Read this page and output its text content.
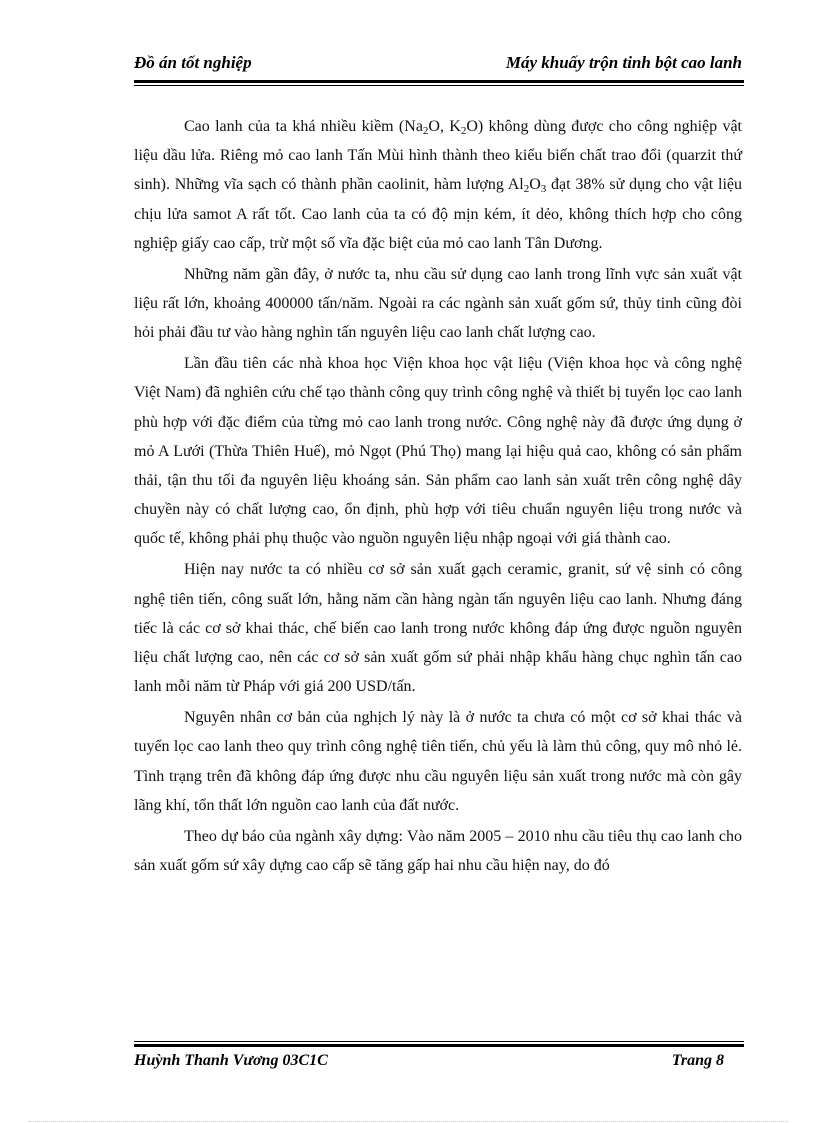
Đồ án tốt nghiệp	Máy khuấy trộn tinh bột cao lanh

Cao lanh của ta khá nhiều kiềm ($Na_2O$, $K_2O$) không dùng được cho công nghiệp vật liệu dầu lửa. Riêng mỏ cao lanh Tấn Mùi hình thành theo kiểu biến chất trao đổi (quarzit thứ sinh). Những vĩa sạch có thành phần caolinit, hàm lượng $Al_2O_3$ đạt 38% sử dụng cho vật liệu chịu lửa samot A rất tốt. Cao lanh của ta có độ mịn kém, ít dẻo, không thích hợp cho công nghiệp giấy cao cấp, trừ một số vĩa đặc biệt của mỏ cao lanh Tân Dương.

Những năm gần đây, ở nước ta, nhu cầu sử dụng cao lanh trong lĩnh vực sản xuất vật liệu rất lớn, khoảng 400000 tấn/năm. Ngoài ra các ngành sản xuất gốm sứ, thủy tinh cũng đòi hỏi phải đầu tư vào hàng nghìn tấn nguyên liệu cao lanh chất lượng cao.

Lần đầu tiên các nhà khoa học Viện khoa học vật liệu (Viện khoa học và công nghệ Việt Nam) đã nghiên cứu chế tạo thành công quy trình công nghệ và thiết bị tuyển lọc cao lanh phù hợp với đặc điểm của từng mỏ cao lanh trong nước. Công nghệ này đã được ứng dụng ở mỏ A Lưới (Thừa Thiên Huế), mỏ Ngọt (Phú Thọ) mang lại hiệu quả cao, không có sản phẩm thải, tận thu tối đa nguyên liệu khoáng sản. Sản phẩm cao lanh sản xuất trên công nghệ dây chuyền này có chất lượng cao, ổn định, phù hợp với tiêu chuẩn nguyên liệu trong nước và quốc tế, không phải phụ thuộc vào nguồn nguyên liệu nhập ngoại với giá thành cao.

Hiện nay nước ta có nhiều cơ sở sản xuất gạch ceramic, granit, sứ vệ sinh có công nghệ tiên tiến, công suất lớn, hằng năm cần hàng ngàn tấn nguyên liệu cao lanh. Nhưng đáng tiếc là các cơ sở khai thác, chế biến cao lanh trong nước không đáp ứng được nguồn nguyên liệu chất lượng cao, nên các cơ sở sản xuất gốm sứ phải nhập khẩu hàng chục nghìn tấn cao lanh mỗi năm từ Pháp với giá 200 USD/tấn.

Nguyên nhân cơ bản của nghịch lý này là ở nước ta chưa có một cơ sở khai thác và tuyển lọc cao lanh theo quy trình công nghệ tiên tiến, chủ yếu là làm thủ công, quy mô nhỏ lẻ. Tình trạng trên đã không đáp ứng được nhu cầu nguyên liệu sản xuất trong nước mà còn gây lãng khí, tổn thất lớn nguồn cao lanh của đất nước.

Theo dự báo của ngành xây dựng: Vào năm 2005 – 2010 nhu cầu tiêu thụ cao lanh cho sản xuất gốm sứ xây dựng cao cấp sẽ tăng gấp hai nhu cầu hiện nay, do đó

Huỳnh Thanh Vương 03C1C	Trang 8
